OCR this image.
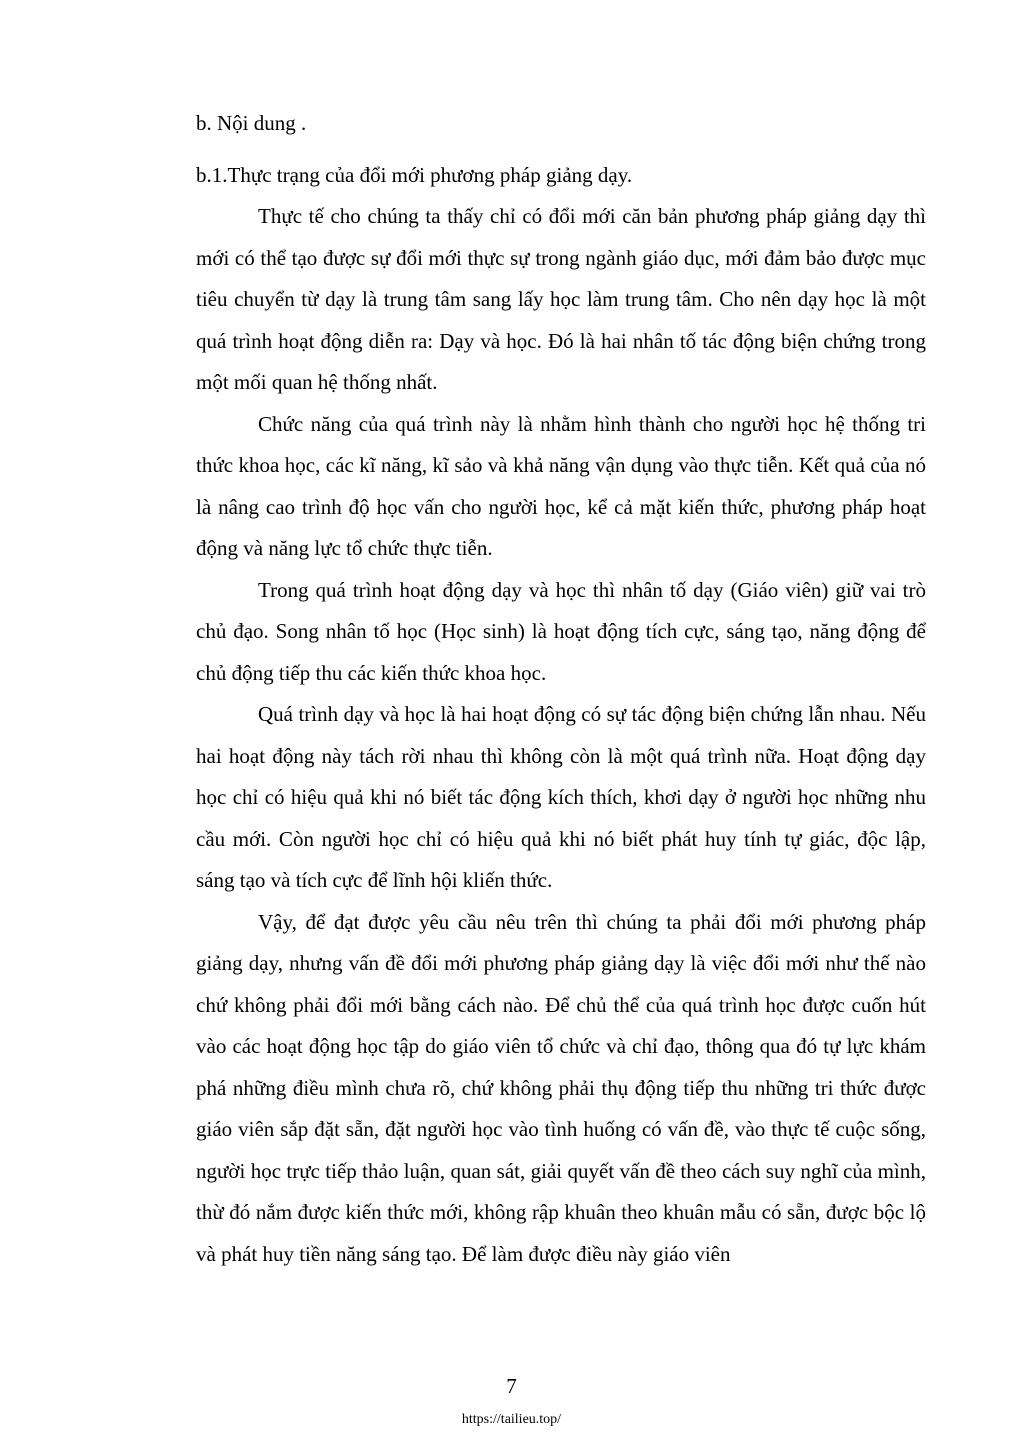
b. Nội dung .

b.1.Thực trạng của đổi mới phương pháp giảng dạy.

Thực tế cho chúng ta thấy chỉ có đổi mới căn bản phương pháp giảng dạy thì mới có thể tạo được sự đổi mới thực sự trong ngành giáo dục, mới đảm bảo được mục tiêu chuyển từ dạy là trung tâm sang lấy học làm trung tâm. Cho nên dạy học là một quá trình hoạt động diễn ra: Dạy và học. Đó là hai nhân tố tác động biện chứng trong một mối quan hệ thống nhất.

Chức năng của quá trình này là nhằm hình thành cho người học hệ thống tri thức khoa học, các kĩ năng, kĩ sảo và khả năng vận dụng vào thực tiễn. Kết quả của nó là nâng cao trình độ học vấn cho người học, kể cả mặt kiến thức, phương pháp hoạt động và năng lực tổ chức thực tiễn.

Trong quá trình hoạt động dạy và học thì nhân tố dạy (Giáo viên) giữ vai trò chủ đạo. Song nhân tố học (Học sinh) là hoạt động tích cực, sáng tạo, năng động để chủ động tiếp thu các kiến thức khoa học.

Quá trình dạy và học là hai hoạt động có sự tác động biện chứng lẫn nhau. Nếu hai hoạt động này tách rời nhau thì không còn là một quá trình nữa. Hoạt động dạy học chỉ có hiệu quả khi nó biết tác động kích thích, khơi dạy ở người học những nhu cầu mới. Còn người học chỉ có hiệu quả khi nó biết phát huy tính tự giác, độc lập, sáng tạo và tích cực để lĩnh hội kliến thức.

Vậy, để đạt được yêu cầu nêu trên thì chúng ta phải đổi mới phương pháp giảng dạy, nhưng vấn đề đổi mới phương pháp giảng dạy là việc đổi mới như thế nào chứ không phải đổi mới bằng cách nào. Để chủ thể của quá trình học được cuốn hút vào các hoạt động học tập do giáo viên tổ chức và chỉ đạo, thông qua đó tự lực khám phá những điều mình chưa rõ, chứ không phải thụ động tiếp thu những tri thức được giáo viên sắp đặt sẵn, đặt người học vào tình huống có vấn đề, vào thực tế cuộc sống, người học trực tiếp thảo luận, quan sát, giải quyết vấn đề theo cách suy nghĩ của mình, thừ đó nắm được kiến thức mới, không rập khuân theo khuân mẫu có sẵn, được bộc lộ và phát huy tiền năng sáng tạo. Để làm được điều này giáo viên

7
https://tailieu.top/
